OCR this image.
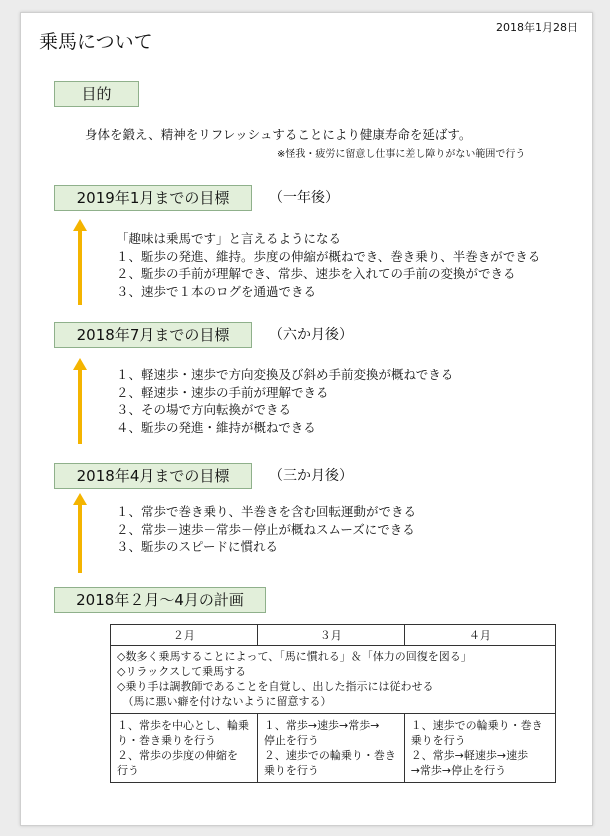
乗馬について
2018年1月28日
目的
身体を鍛え、精神をリフレッシュすることにより健康寿命を延ばす。
※怪我・疲労に留意し仕事に差し障りがない範囲で行う
2019年1月までの目標	（一年後）
「趣味は乗馬です」と言えるようになる
１、駈歩の発進、維持。歩度の伸縮が概ねでき、巻き乗り、半巻きができる
２、駈歩の手前が理解でき、常歩、速歩を入れての手前の変換ができる
３、速歩で１本のログを通過できる
2018年7月までの目標	（六か月後）
１、軽速歩・速歩で方向変換及び斜め手前変換が概ねできる
２、軽速歩・速歩の手前が理解できる
３、その場で方向転換ができる
４、駈歩の発進・維持が概ねできる
2018年4月までの目標	（三か月後）
１、常歩で巻き乗り、半巻きを含む回転運動ができる
２、常歩－速歩－常歩－停止が概ねスムーズにできる
３、駈歩のスピードに慣れる
2018年２月～4月の計画
２月	３月	４月

◇数多く乗馬することによって、「馬に慣れる」＆「体力の回復を図る」
◇リラックスして乗馬する
◇乗り手は調教師であることを自覚し、出した指示には従わせる
　（馬に悪い癖を付けないように留意する）		

１、常歩を中心とし、輪乗
り・巻き乗りを行う
２、常歩の歩度の伸縮を
行う	１、常歩→速歩→常歩→
停止を行う
２、速歩での輪乗り・巻き
乗りを行う	１、速歩での輪乗り・巻き
乗りを行う
２、常歩→軽速歩→速歩
→常歩→停止を行う
